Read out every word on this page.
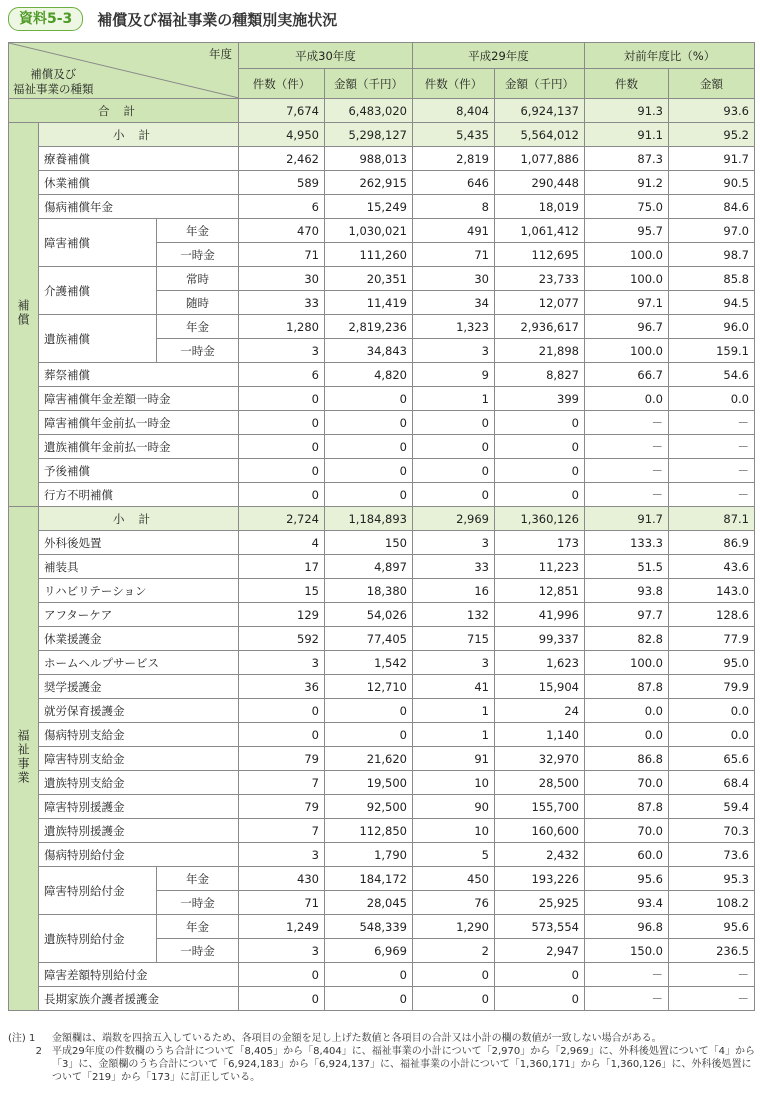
資料5-3	補償及び福祉事業の種類別実施状況
年度
補償及び
福祉事業の種類			平成30年度		平成29年度		対前年度比（%）	
			件数（件）	金額（千円）	件数（件）	金額（千円）	件数	金額
合計			7,674	6,483,020	8,404	6,924,137	91.3	93.6
補償	小計		4,950	5,298,127	5,435	5,564,012	91.1	95.2
	療養補償		2,462	988,013	2,819	1,077,886	87.3	91.7
	休業補償		589	262,915	646	290,448	91.2	90.5
	傷病補償年金		6	15,249	8	18,019	75.0	84.6
	障害補償	年金	470	1,030,021	491	1,061,412	95.7	97.0
		一時金	71	111,260	71	112,695	100.0	98.7
	介護補償	常時	30	20,351	30	23,733	100.0	85.8
		随時	33	11,419	34	12,077	97.1	94.5
	遺族補償	年金	1,280	2,819,236	1,323	2,936,617	96.7	96.0
		一時金	3	34,843	3	21,898	100.0	159.1
	葬祭補償		6	4,820	9	8,827	66.7	54.6
	障害補償年金差額一時金		0	0	1	399	0.0	0.0
	障害補償年金前払一時金		0	0	0	0	－	－
	遺族補償年金前払一時金		0	0	0	0	－	－
	予後補償		0	0	0	0	－	－
	行方不明補償		0	0	0	0	－	－
福祉事業	小計		2,724	1,184,893	2,969	1,360,126	91.7	87.1
	外科後処置		4	150	3	173	133.3	86.9
	補装具		17	4,897	33	11,223	51.5	43.6
	リハビリテーション		15	18,380	16	12,851	93.8	143.0
	アフターケア		129	54,026	132	41,996	97.7	128.6
	休業援護金		592	77,405	715	99,337	82.8	77.9
	ホームヘルプサービス		3	1,542	3	1,623	100.0	95.0
	奨学援護金		36	12,710	41	15,904	87.8	79.9
	就労保育援護金		0	0	1	24	0.0	0.0
	傷病特別支給金		0	0	1	1,140	0.0	0.0
	障害特別支給金		79	21,620	91	32,970	86.8	65.6
	遺族特別支給金		7	19,500	10	28,500	70.0	68.4
	障害特別援護金		79	92,500	90	155,700	87.8	59.4
	遺族特別援護金		7	112,850	10	160,600	70.0	70.3
	傷病特別給付金		3	1,790	5	2,432	60.0	73.6
	障害特別給付金	年金	430	184,172	450	193,226	95.6	95.3
		一時金	71	28,045	76	25,925	93.4	108.2
	遺族特別給付金	年金	1,249	548,339	1,290	573,554	96.8	95.6
		一時金	3	6,969	2	2,947	150.0	236.5
	障害差額特別給付金		0	0	0	0	－	－
	長期家族介護者援護金		0	0	0	0	－	－
(注) 1	金額欄は、端数を四捨五入しているため、各項目の金額を足し上げた数値と各項目の合計又は小計の欄の数値が一致しない場合がある。
2	平成29年度の件数欄のうち合計について「8,405」から「8,404」に、福祉事業の小計について「2,970」から「2,969」に、外科後処置について「4」から「3」に、金額欄のうち合計について「6,924,183」から「6,924,137」に、福祉事業の小計について「1,360,171」から「1,360,126」に、外科後処置について「219」から「173」に訂正している。
